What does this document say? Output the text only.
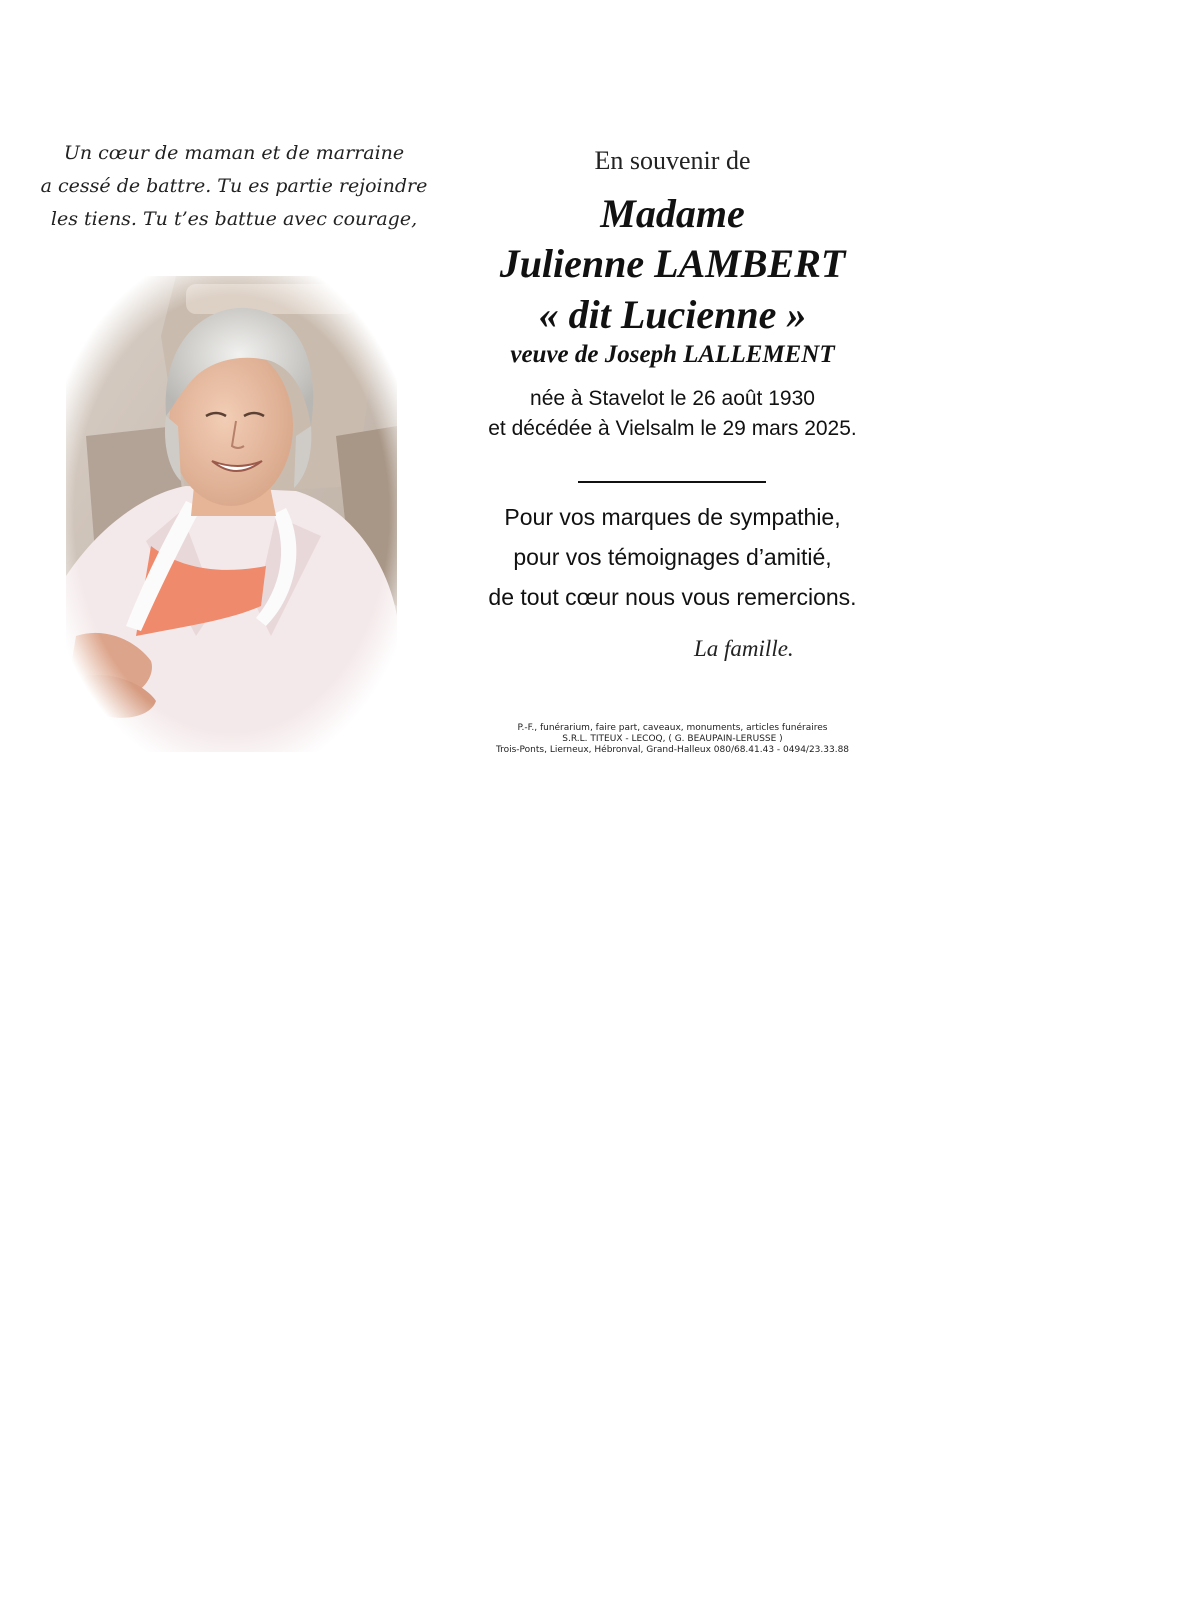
Un cœur de maman et de marraine
a cessé de battre. Tu es partie rejoindre
les tiens. Tu t’es battue avec courage,
En souvenir de
Madame
Julienne LAMBERT
« dit Lucienne »
veuve de Joseph LALLEMENT
née à Stavelot le 26 août 1930
et décédée à Vielsalm le 29 mars 2025.
Pour vos marques de sympathie,
pour vos témoignages d’amitié,
de tout cœur nous vous remercions.
La famille.
P.-F., funérarium, faire part, caveaux, monuments, articles funéraires
S.R.L. TITEUX - LECOQ, ( G. BEAUPAIN-LERUSSE )
Trois-Ponts, Lierneux, Hébronval, Grand-Halleux 080/68.41.43 - 0494/23.33.88
